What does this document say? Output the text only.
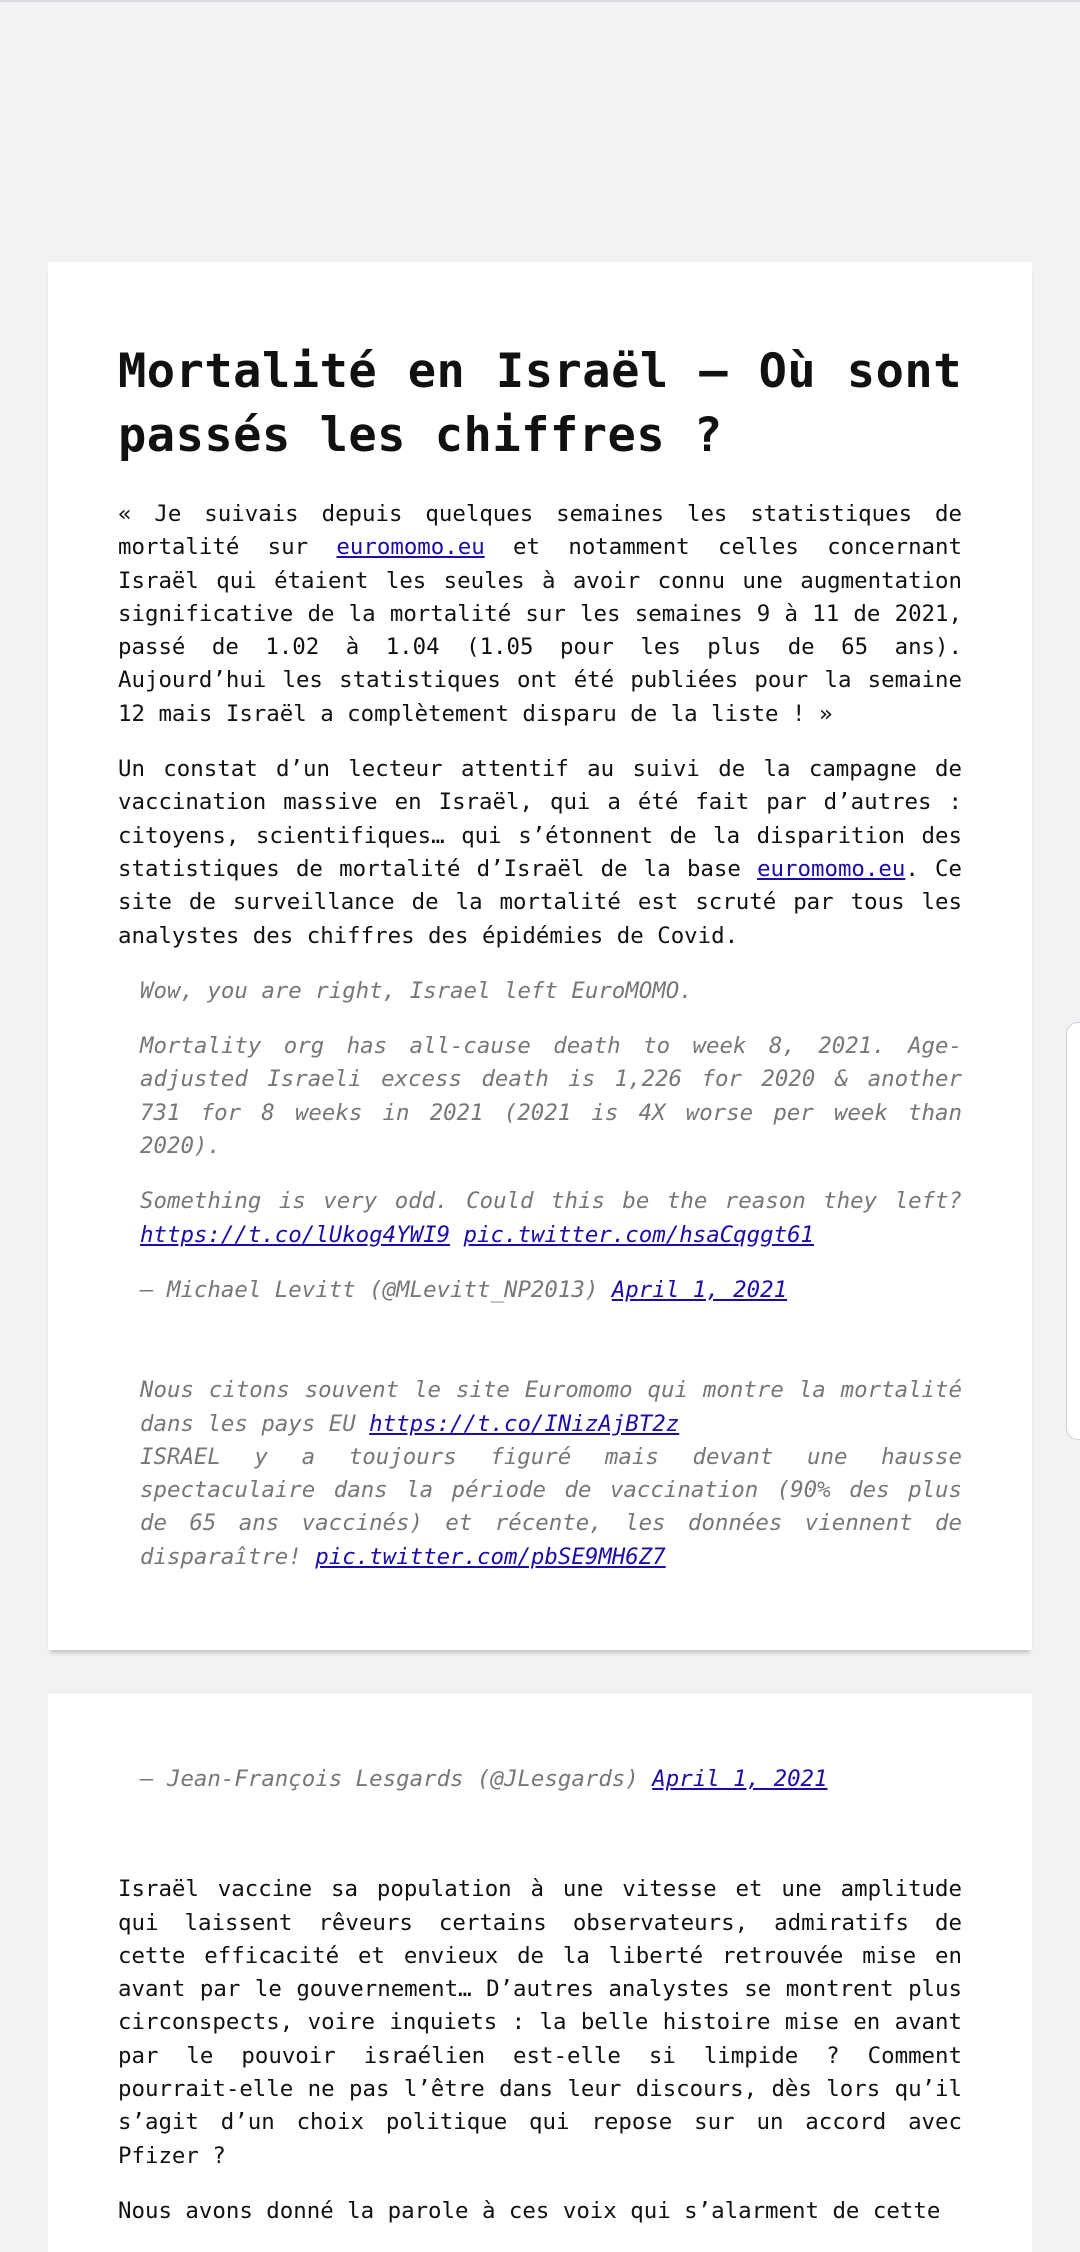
Mortalité en Israël – Où sont passés les chiffres ?

« Je suivais depuis quelques semaines les statistiques de mortalité sur euromomo.eu et notamment celles concernant Israël qui étaient les seules à avoir connu une augmentation significative de la mortalité sur les semaines 9 à 11 de 2021, passé de 1.02 à 1.04 (1.05 pour les plus de 65 ans). Aujourd’hui les statistiques ont été publiées pour la semaine 12 mais Israël a complètement disparu de la liste ! »

Un constat d’un lecteur attentif au suivi de la campagne de vaccination massive en Israël, qui a été fait par d’autres : citoyens, scientifiques… qui s’étonnent de la disparition des statistiques de mortalité d’Israël de la base euromomo.eu. Ce site de surveillance de la mortalité est scruté par tous les analystes des chiffres des épidémies de Covid.

Wow, you are right, Israel left EuroMOMO.

Mortality org has all-cause death to week 8, 2021. Age-adjusted Israeli excess death is 1,226 for 2020 & another 731 for 8 weeks in 2021 (2021 is 4X worse per week than 2020).

Something is very odd. Could this be the reason they left? https://t.co/lUkog4YWI9 pic.twitter.com/hsaCqggt61

— Michael Levitt (@MLevitt_NP2013) April 1, 2021

Nous citons souvent le site Euromomo qui montre la mortalité dans les pays EU https://t.co/INizAjBT2z
ISRAEL y a toujours figuré mais devant une hausse spectaculaire dans la période de vaccination (90% des plus de 65 ans vaccinés) et récente, les données viennent de disparaître! pic.twitter.com/pbSE9MH6Z7

— Jean-François Lesgards (@JLesgards) April 1, 2021

Israël vaccine sa population à une vitesse et une amplitude qui laissent rêveurs certains observateurs, admiratifs de cette efficacité et envieux de la liberté retrouvée mise en avant par le gouvernement… D’autres analystes se montrent plus circonspects, voire inquiets : la belle histoire mise en avant par le pouvoir israélien est-elle si limpide ? Comment pourrait-elle ne pas l’être dans leur discours, dès lors qu’il s’agit d’un choix politique qui repose sur un accord avec Pfizer ?

Nous avons donné la parole à ces voix qui s’alarment de cette
